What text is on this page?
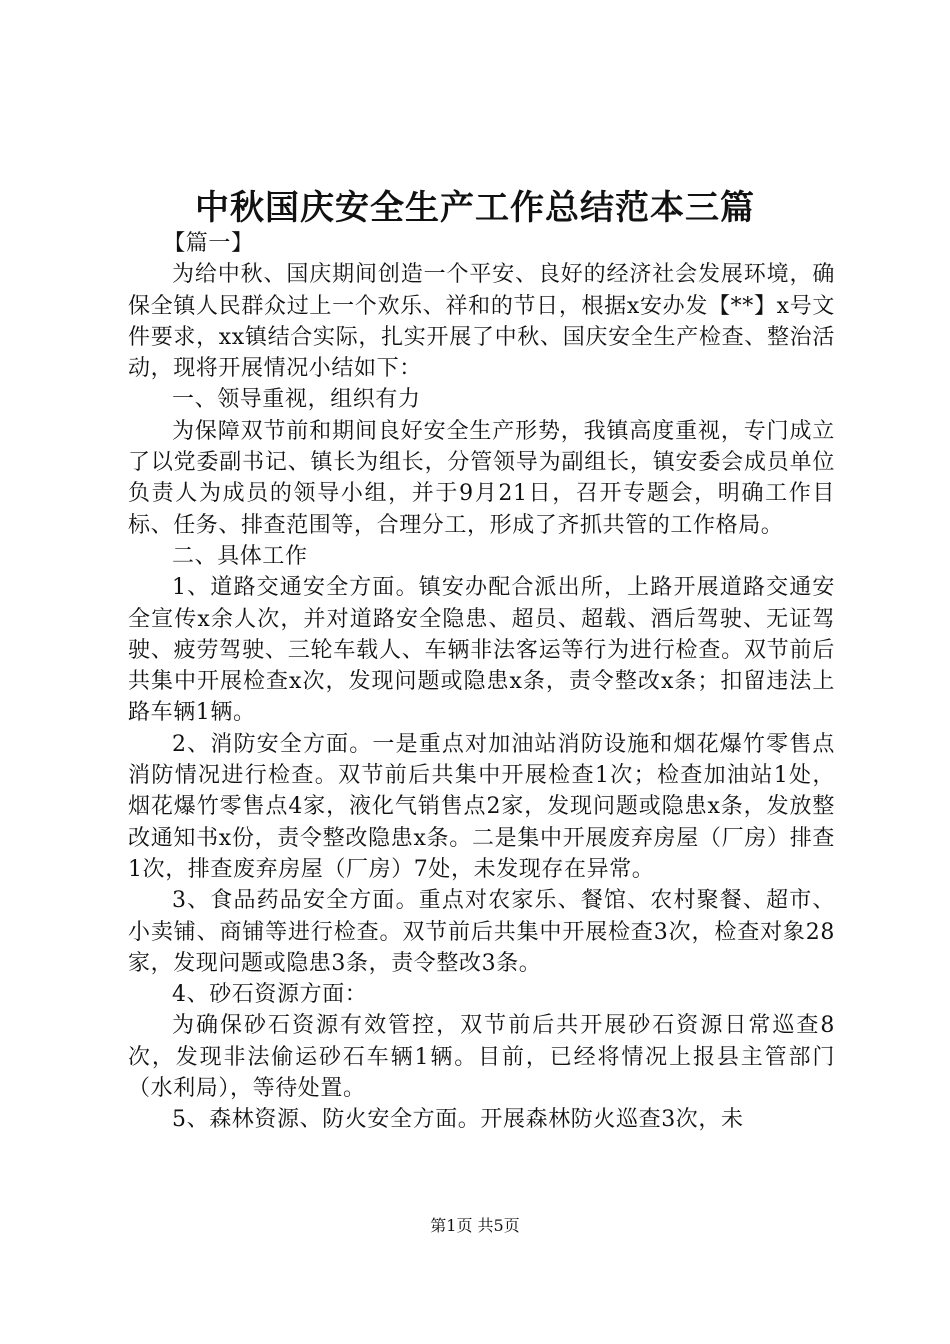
中秋国庆安全生产工作总结范本三篇

【篇一】

为给中秋、国庆期间创造一个平安、良好的经济社会发展环境，确保全镇人民群众过上一个欢乐、祥和的节日，根据x安办发【**】x号文件要求，xx镇结合实际，扎实开展了中秋、国庆安全生产检查、整治活动，现将开展情况小结如下：

一、领导重视，组织有力

为保障双节前和期间良好安全生产形势，我镇高度重视，专门成立了以党委副书记、镇长为组长，分管领导为副组长，镇安委会成员单位负责人为成员的领导小组，并于9月21日，召开专题会，明确工作目标、任务、排查范围等，合理分工，形成了齐抓共管的工作格局。

二、具体工作

1、道路交通安全方面。镇安办配合派出所，上路开展道路交通安全宣传x余人次，并对道路安全隐患、超员、超载、酒后驾驶、无证驾驶、疲劳驾驶、三轮车载人、车辆非法客运等行为进行检查。双节前后共集中开展检查x次，发现问题或隐患x条，责令整改x条；扣留违法上路车辆1辆。

2、消防安全方面。一是重点对加油站消防设施和烟花爆竹零售点消防情况进行检查。双节前后共集中开展检查1次；检查加油站1处，烟花爆竹零售点4家，液化气销售点2家，发现问题或隐患x条，发放整改通知书x份，责令整改隐患x条。二是集中开展废弃房屋（厂房）排查1次，排查废弃房屋（厂房）7处，未发现存在异常。

3、食品药品安全方面。重点对农家乐、餐馆、农村聚餐、超市、小卖铺、商铺等进行检查。双节前后共集中开展检查3次，检查对象28家，发现问题或隐患3条，责令整改3条。

4、砂石资源方面：

为确保砂石资源有效管控，双节前后共开展砂石资源日常巡查8次，发现非法偷运砂石车辆1辆。目前，已经将情况上报县主管部门（水利局），等待处置。

5、森林资源、防火安全方面。开展森林防火巡查3次，未

第1页 共5页
